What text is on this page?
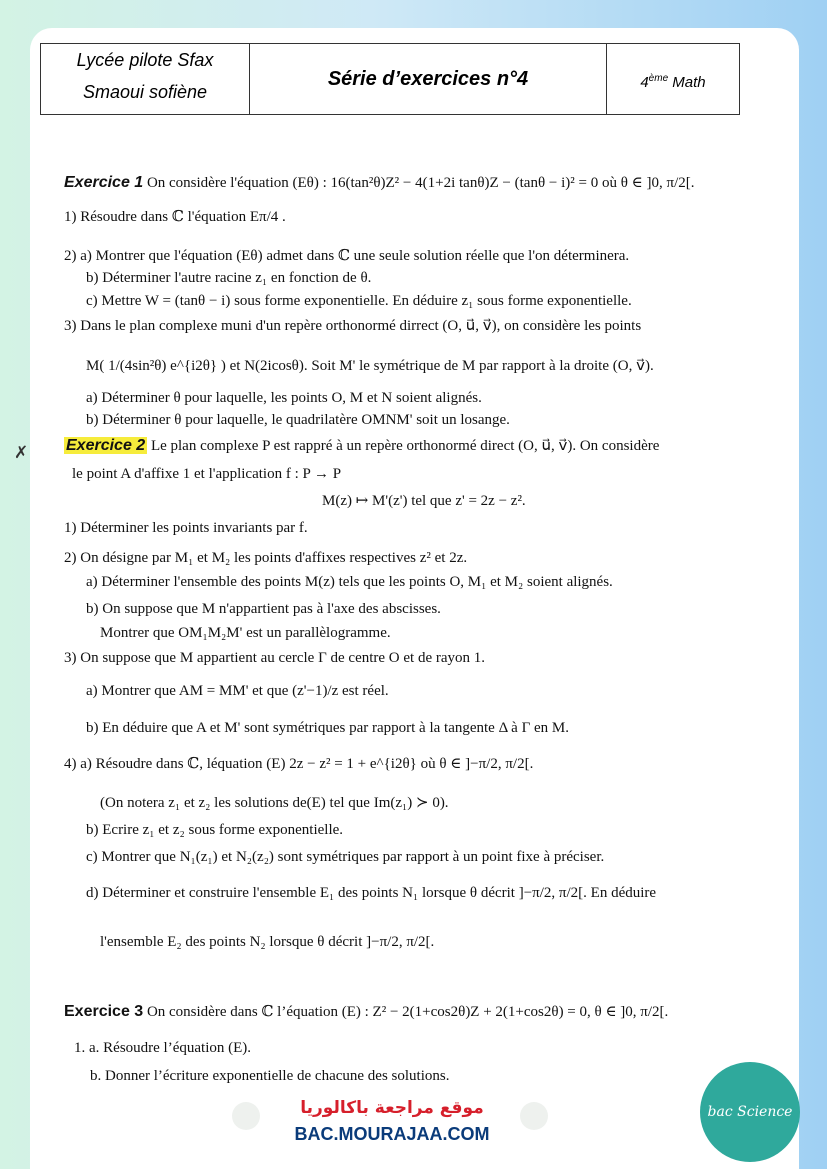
Lycée pilote Sfax
Smaoui sofiène
Série d’exercices n°4	4ème Math
Exercice 1 On considère l'équation (Eθ) : 16(tan²θ)Z² − 4(1+2i tanθ)Z − (tanθ − i)² = 0 où θ ∈ ]0, π/2[.
1) Résoudre dans ℂ l'équation Eπ/4 .
2) a) Montrer que l'équation (Eθ) admet dans ℂ une seule solution réelle que l'on déterminera.
b) Déterminer l'autre racine z₁ en fonction de θ.
c) Mettre W = (tanθ − i) sous forme exponentielle. En déduire z₁ sous forme exponentielle.
3) Dans le plan complexe muni d'un repère orthonormé dirrect (O, u⃗, v⃗), on considère les points
M( 1/(4sin²θ) e^{i2θ} ) et N(2icosθ). Soit M' le symétrique de M par rapport à la droite (O, v⃗).
a) Déterminer θ pour laquelle, les points O, M et N soient alignés.
b) Déterminer θ pour laquelle, le quadrilatère OMNM' soit un losange.
Exercice 2 Le plan complexe P est rappré à un repère orthonormé direct (O, u⃗, v⃗). On considère
le point A d'affixe 1 et l'application f : P → P
M(z) ↦ M'(z') tel que z' = 2z − z².
1) Déterminer les points invariants par f.
2) On désigne par M₁ et M₂ les points d'affixes respectives z² et 2z.
a) Déterminer l'ensemble des points M(z) tels que les points O, M₁ et M₂ soient alignés.
b) On suppose que M n'appartient pas à l'axe des abscisses.
Montrer que OM₁M₂M' est un parallèlogramme.
3) On suppose que M appartient au cercle Γ de centre O et de rayon 1.
a) Montrer que AM = MM' et que (z'−1)/z est réel.
b) En déduire que A et M' sont symétriques par rapport à la tangente Δ à Γ en M.
4) a) Résoudre dans ℂ, léquation (E) 2z − z² = 1 + e^{i2θ} où θ ∈ ]−π/2, π/2[.
(On notera z₁ et z₂ les solutions de(E) tel que Im(z₁) ≻ 0).
b) Ecrire z₁ et z₂ sous forme exponentielle.
c) Montrer que N₁(z₁) et N₂(z₂) sont symétriques par rapport à un point fixe à préciser.
d) Déterminer et construire l'ensemble E₁ des points N₁ lorsque θ décrit ]−π/2, π/2[. En déduire
l'ensemble E₂ des points N₂ lorsque θ décrit ]−π/2, π/2[.
Exercice 3 On considère dans ℂ l’équation (E) : Z² − 2(1+cos2θ)Z + 2(1+cos2θ) = 0, θ ∈ ]0, π/2[.
1. a. Résoudre l’équation (E).
b. Donner l’écriture exponentielle de chacune des solutions.
✗
موقع مراجعة باكالوريا
BAC.MOURAJAA.COM
bac Science
